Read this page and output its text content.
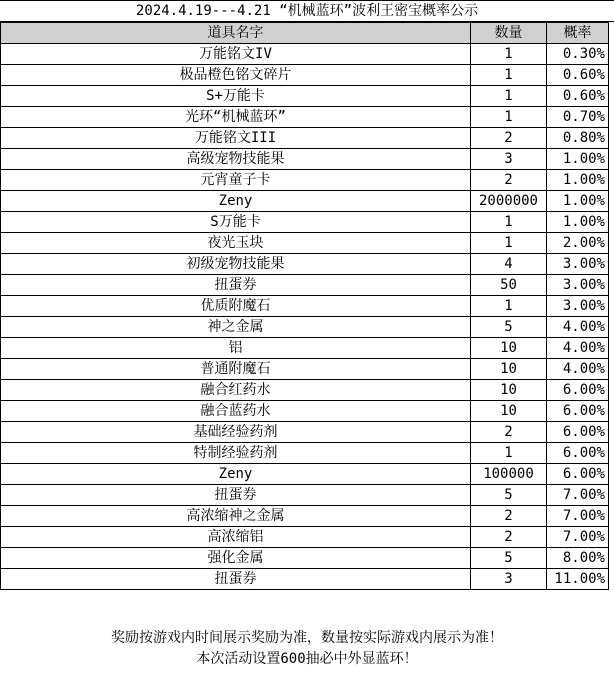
2024.4.19---4.21 “机械蓝环”波利王密宝概率公示
道具名字	数量	概率
万能铭文IV	1	0.30%
极品橙色铭文碎片	1	0.60%
S+万能卡	1	0.60%
光环“机械蓝环”	1	0.70%
万能铭文III	2	0.80%
高级宠物技能果	3	1.00%
元宵童子卡	2	1.00%
Zeny	2000000	1.00%
S万能卡	1	1.00%
夜光玉块	1	2.00%
初级宠物技能果	4	3.00%
扭蛋券	50	3.00%
优质附魔石	1	3.00%
神之金属	5	4.00%
铝	10	4.00%
普通附魔石	10	4.00%
融合红药水	10	6.00%
融合蓝药水	10	6.00%
基础经验药剂	2	6.00%
特制经验药剂	1	6.00%
Zeny	100000	6.00%
扭蛋券	5	7.00%
高浓缩神之金属	2	7.00%
高浓缩铝	2	7.00%
强化金属	5	8.00%
扭蛋券	3	11.00%
奖励按游戏内时间展示奖励为准，数量按实际游戏内展示为准！
本次活动设置600抽必中外显蓝环！
